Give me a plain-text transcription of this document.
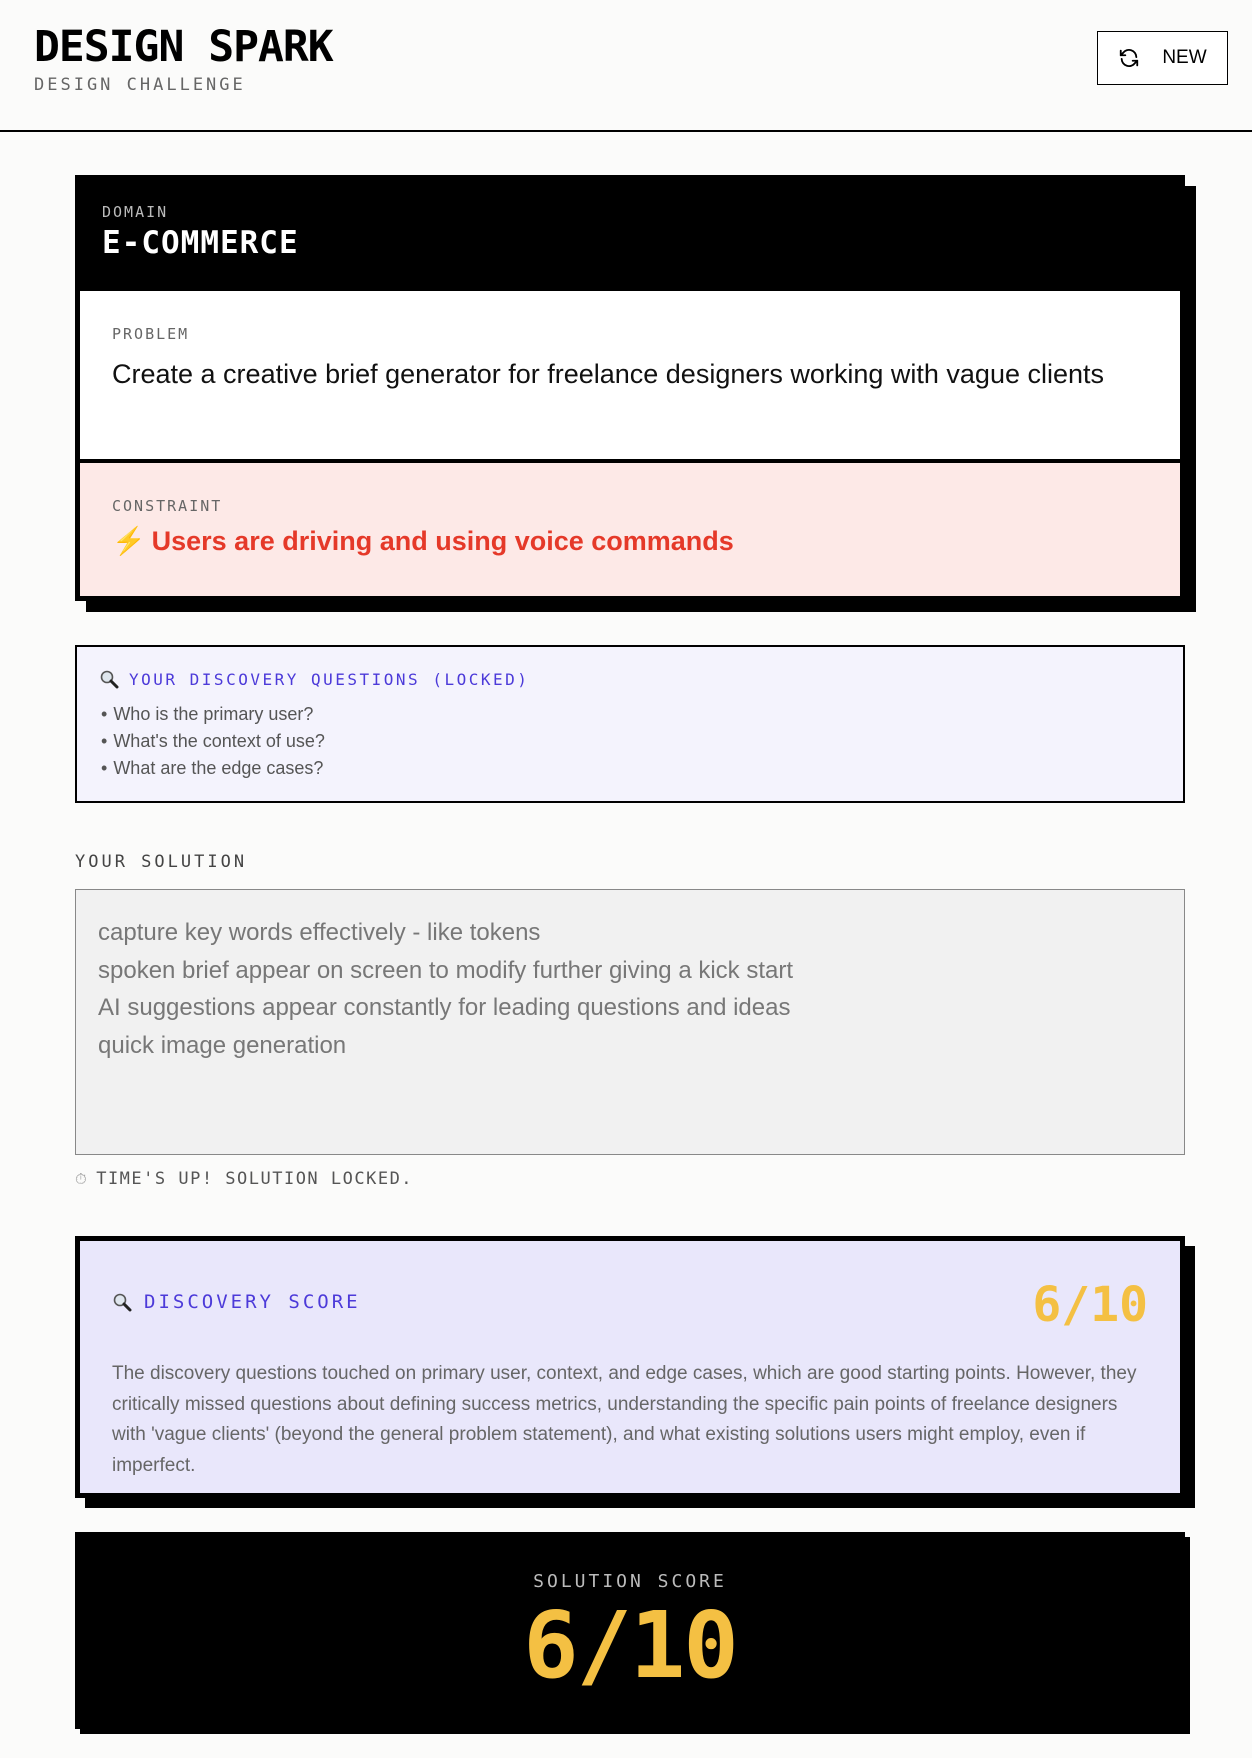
DESIGN SPARK
DESIGN CHALLENGE
NEW
DOMAIN
E-COMMERCE
PROBLEM
Create a creative brief generator for freelance designers working with vague clients
CONSTRAINT
⚡ Users are driving and using voice commands
YOUR DISCOVERY QUESTIONS (LOCKED)
• Who is the primary user?
• What's the context of use?
• What are the edge cases?
YOUR SOLUTION
capture key words effectively - like tokens spoken brief appear on screen to modify further giving a kick start AI suggestions appear constantly for leading questions and ideas quick image generation
⏱ TIME'S UP! SOLUTION LOCKED.
DISCOVERY SCORE	6/10

The discovery questions touched on primary user, context, and edge cases, which are good starting points. However, they critically missed questions about defining success metrics, understanding the specific pain points of freelance designers with 'vague clients' (beyond the general problem statement), and what existing solutions users might employ, even if imperfect.

SOLUTION SCORE
6/10
